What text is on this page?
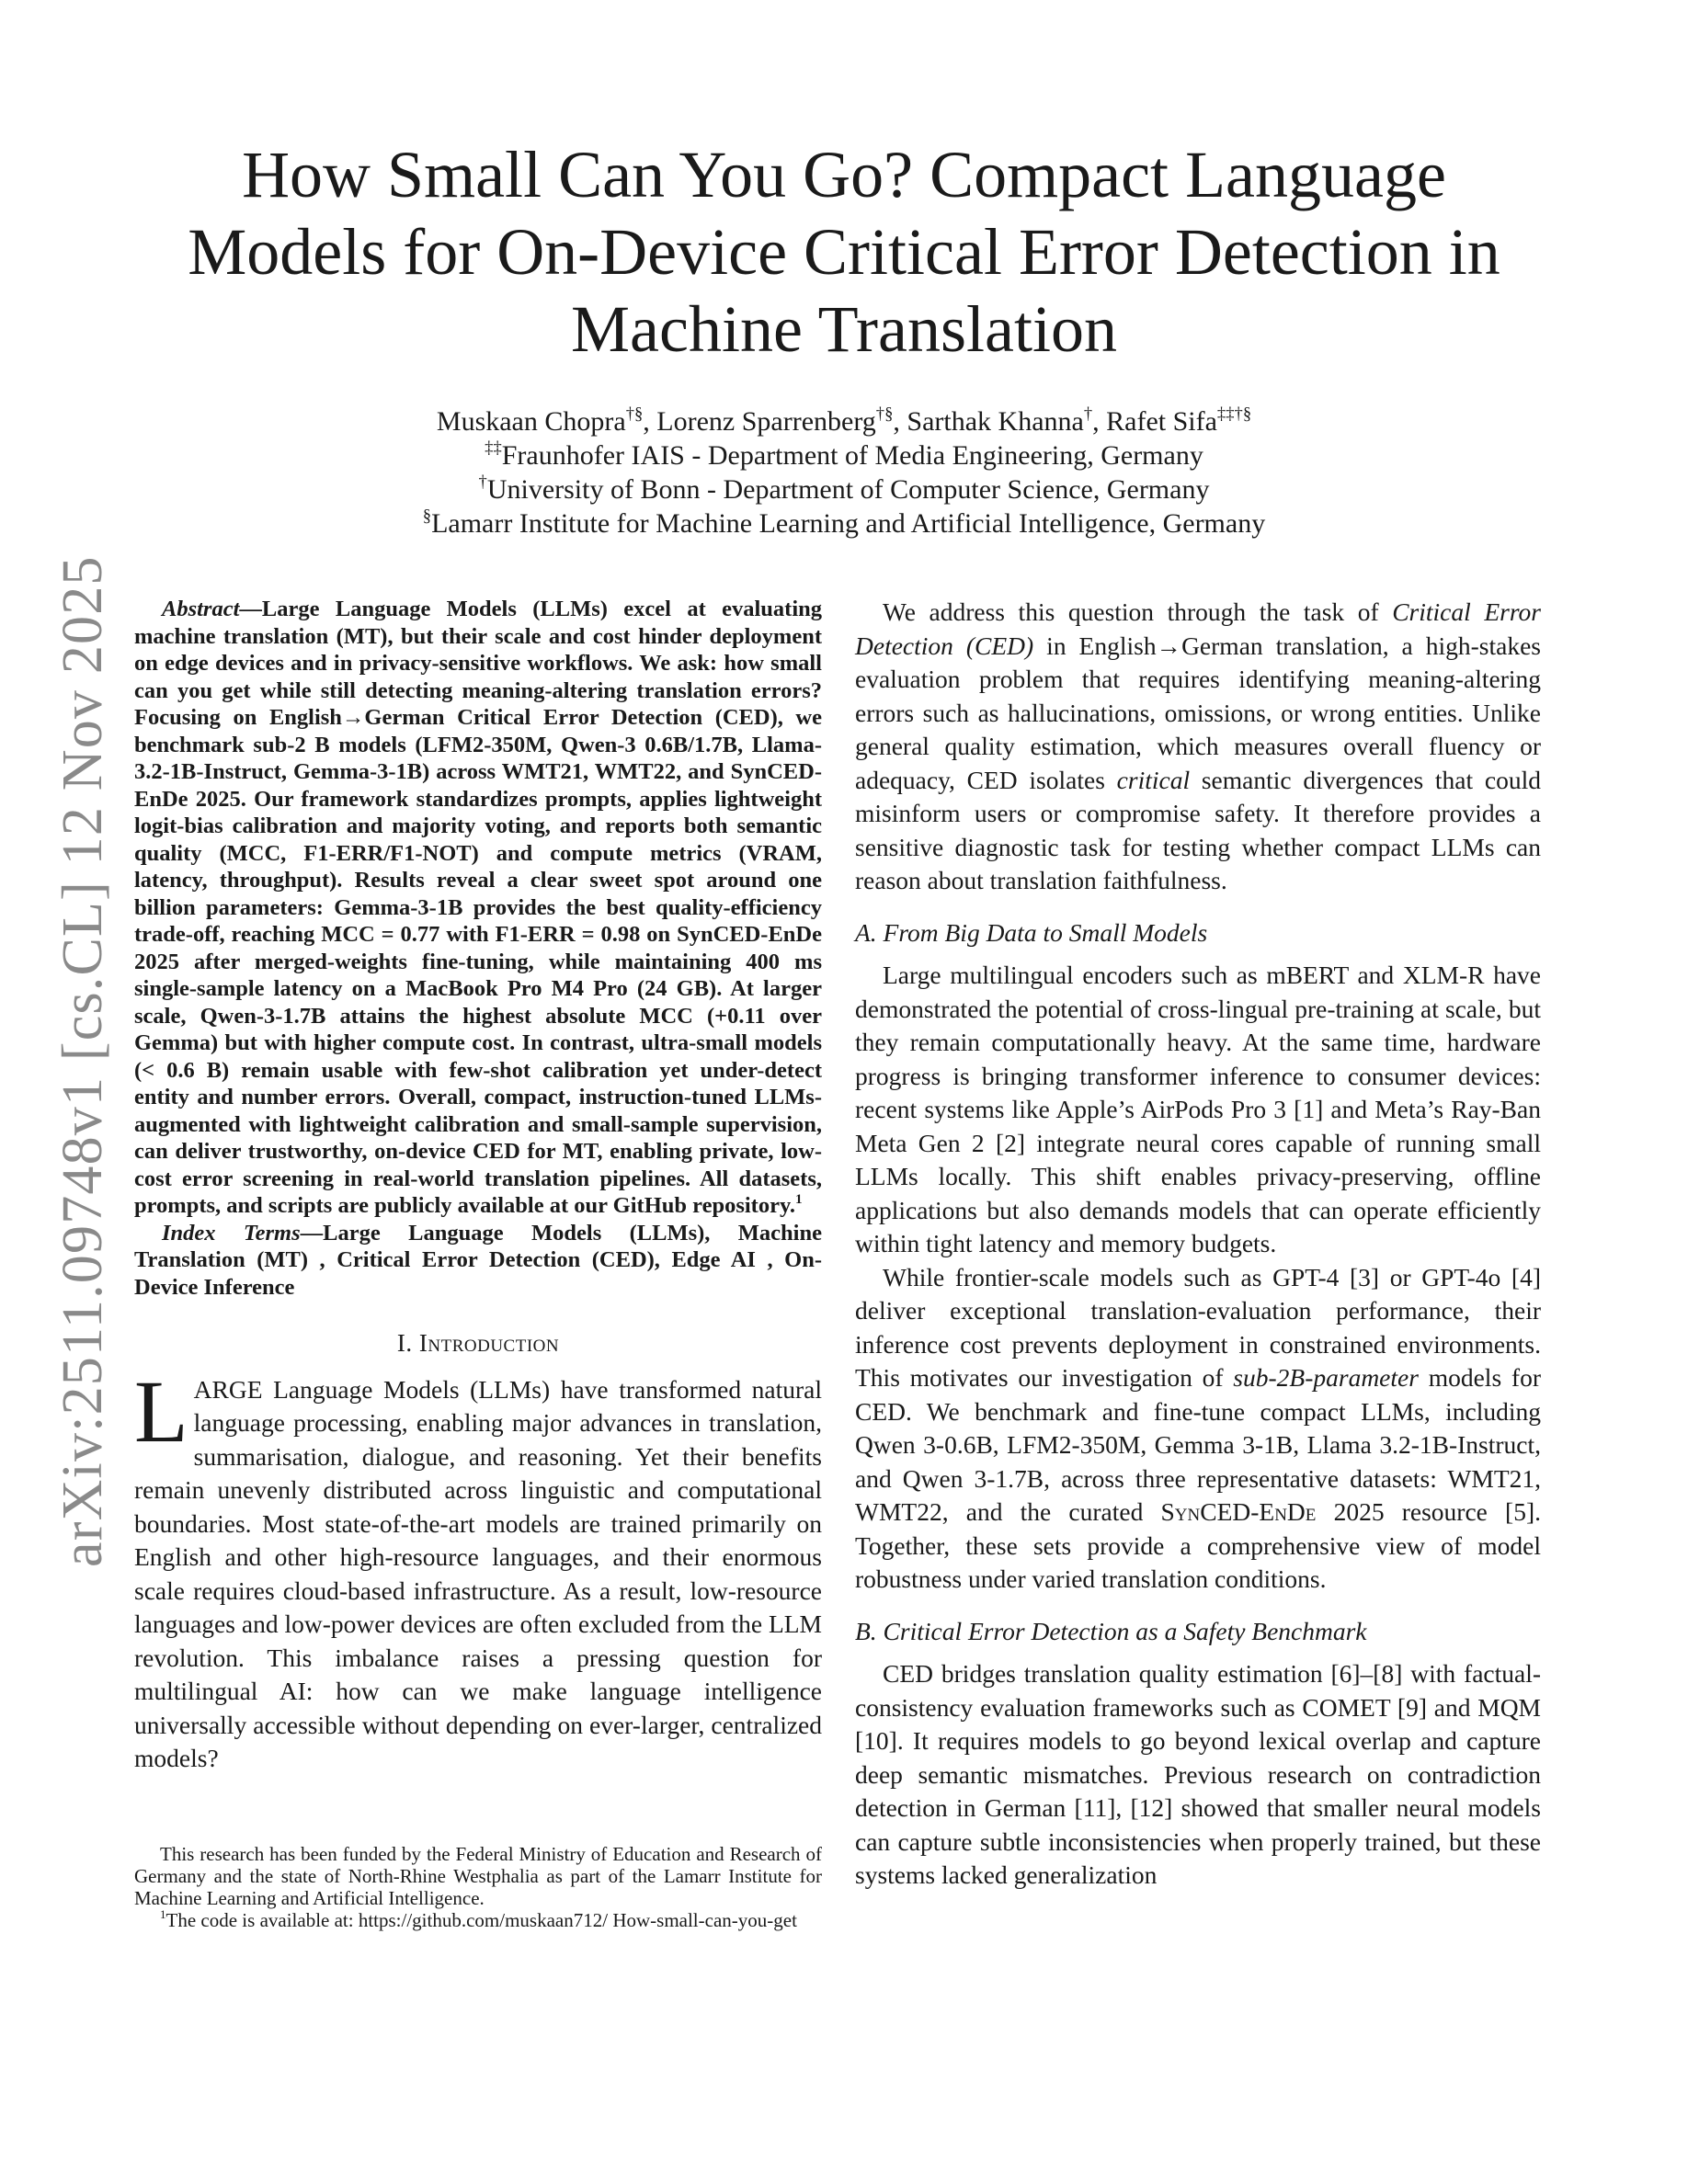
arXiv:2511.09748v1 [cs.CL] 12 Nov 2025
How Small Can You Go? Compact Language Models for On-Device Critical Error Detection in Machine Translation
Muskaan Chopra†§, Lorenz Sparrenberg†§, Sarthak Khanna†, Rafet Sifa‡‡†§
‡‡Fraunhofer IAIS - Department of Media Engineering, Germany
†University of Bonn - Department of Computer Science, Germany
§Lamarr Institute for Machine Learning and Artificial Intelligence, Germany

Abstract—Large Language Models (LLMs) excel at evaluating machine translation (MT), but their scale and cost hinder deployment on edge devices and in privacy-sensitive workflows. We ask: how small can you get while still detecting meaning-altering translation errors? Focusing on English→German Critical Error Detection (CED), we benchmark sub-2 B models (LFM2-350M, Qwen-3 0.6B/1.7B, Llama-3.2-1B-Instruct, Gemma-3-1B) across WMT21, WMT22, and SynCED-EnDe 2025. Our framework standardizes prompts, applies lightweight logit-bias calibration and majority voting, and reports both semantic quality (MCC, F1-ERR/F1-NOT) and compute metrics (VRAM, latency, throughput). Results reveal a clear sweet spot around one billion parameters: Gemma-3-1B provides the best quality-efficiency trade-off, reaching MCC = 0.77 with F1-ERR = 0.98 on SynCED-EnDe 2025 after merged-weights fine-tuning, while maintaining 400 ms single-sample latency on a MacBook Pro M4 Pro (24 GB). At larger scale, Qwen-3-1.7B attains the highest absolute MCC (+0.11 over Gemma) but with higher compute cost. In contrast, ultra-small models (< 0.6 B) remain usable with few-shot calibration yet under-detect entity and number errors. Overall, compact, instruction-tuned LLMs-augmented with lightweight calibration and small-sample supervision, can deliver trustworthy, on-device CED for MT, enabling private, low-cost error screening in real-world translation pipelines. All datasets, prompts, and scripts are publicly available at our GitHub repository.$^1$

Index Terms—Large Language Models (LLMs), Machine Translation (MT) , Critical Error Detection (CED), Edge AI , On-Device Inference

I. Introduction

LARGE Language Models (LLMs) have transformed natural language processing, enabling major advances in translation, summarisation, dialogue, and reasoning. Yet their benefits remain unevenly distributed across linguistic and computational boundaries. Most state-of-the-art models are trained primarily on English and other high-resource languages, and their enormous scale requires cloud-based infrastructure. As a result, low-resource languages and low-power devices are often excluded from the LLM revolution. This imbalance raises a pressing question for multilingual AI: how can we make language intelligence universally accessible without depending on ever-larger, centralized models?

This research has been funded by the Federal Ministry of Education and Research of Germany and the state of North-Rhine Westphalia as part of the Lamarr Institute for Machine Learning and Artificial Intelligence.

$^1$The code is available at: https://github.com/muskaan712/ How-small-can-you-get

We address this question through the task of Critical Error Detection (CED) in English→German translation, a high-stakes evaluation problem that requires identifying meaning-altering errors such as hallucinations, omissions, or wrong entities. Unlike general quality estimation, which measures overall fluency or adequacy, CED isolates critical semantic divergences that could misinform users or compromise safety. It therefore provides a sensitive diagnostic task for testing whether compact LLMs can reason about translation faithfulness.

A. From Big Data to Small Models

Large multilingual encoders such as mBERT and XLM-R have demonstrated the potential of cross-lingual pre-training at scale, but they remain computationally heavy. At the same time, hardware progress is bringing transformer inference to consumer devices: recent systems like Apple’s AirPods Pro 3 [1] and Meta’s Ray-Ban Meta Gen 2 [2] integrate neural cores capable of running small LLMs locally. This shift enables privacy-preserving, offline applications but also demands models that can operate efficiently within tight latency and memory budgets.

While frontier-scale models such as GPT-4 [3] or GPT-4o [4] deliver exceptional translation-evaluation performance, their inference cost prevents deployment in constrained environments. This motivates our investigation of sub-2B-parameter models for CED. We benchmark and fine-tune compact LLMs, including Qwen 3-0.6B, LFM2-350M, Gemma 3-1B, Llama 3.2-1B-Instruct, and Qwen 3-1.7B, across three representative datasets: WMT21, WMT22, and the curated SynCED-EnDe 2025 resource [5]. Together, these sets provide a comprehensive view of model robustness under varied translation conditions.

B. Critical Error Detection as a Safety Benchmark

CED bridges translation quality estimation [6]–[8] with factual-consistency evaluation frameworks such as COMET [9] and MQM [10]. It requires models to go beyond lexical overlap and capture deep semantic mismatches. Previous research on contradiction detection in German [11], [12] showed that smaller neural models can capture subtle inconsistencies when properly trained, but these systems lacked generalization
